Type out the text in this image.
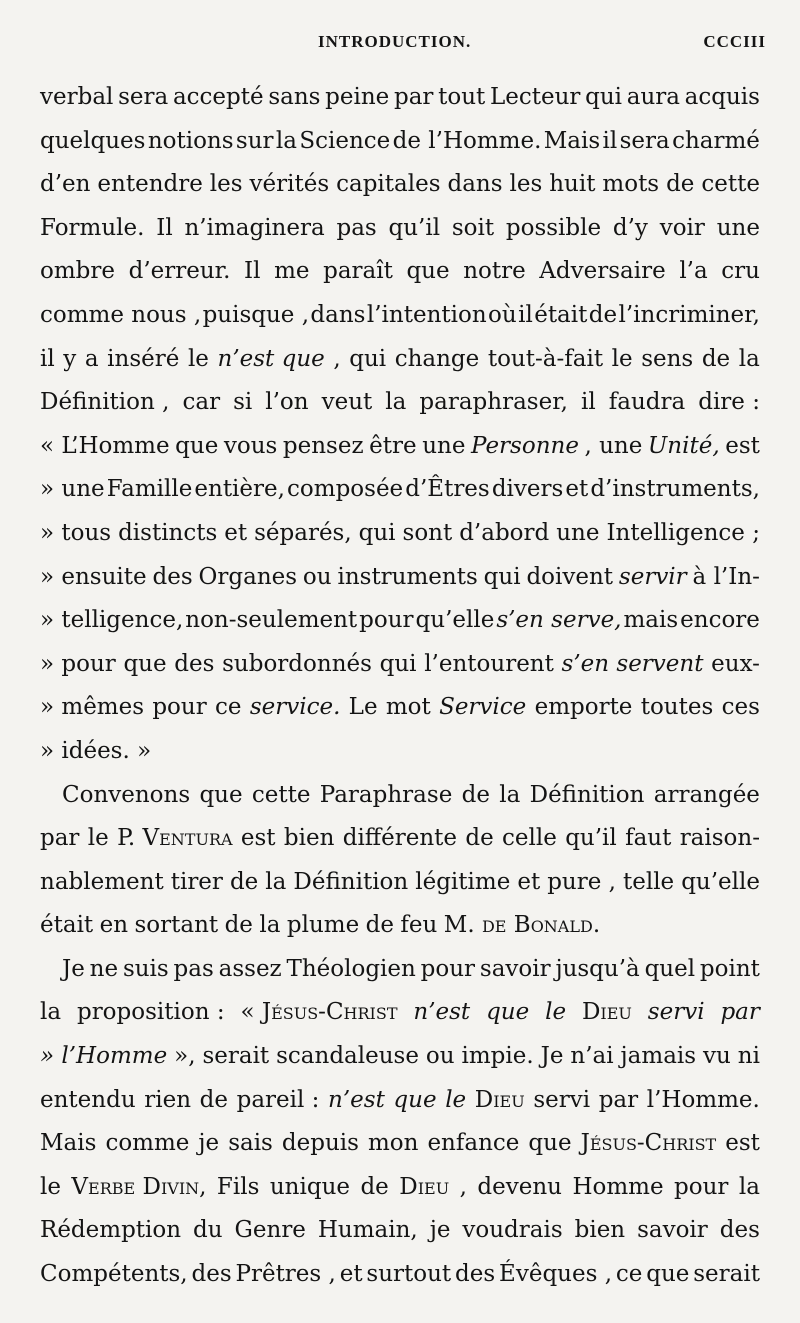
INTRODUCTION.	CCCIII
verbal sera accepté sans peine par tout Lecteur qui aura acquis
quelques notions sur la Science de l’Homme. Mais il sera charmé
d’en entendre les vérités capitales dans les huit mots de cette
Formule. Il n’imaginera pas qu’il soit possible d’y voir une
ombre d’erreur. Il me paraît que notre Adversaire l’a cru
comme nous , puisque , dans l’intention où il était de l’incriminer,
il y a inséré le n’est que , qui change tout-à-fait le sens de la
Définition , car si l’on veut la paraphraser, il faudra dire :
« L’Homme que vous pensez être une Personne , une Unité, est
» une Famille entière, composée d’Êtres divers et d’instruments,
» tous distincts et séparés, qui sont d’abord une Intelligence ;
» ensuite des Organes ou instruments qui doivent servir à l’In-
» telligence, non-seulement pour qu’elle s’en serve, mais encore
» pour que des subordonnés qui l’entourent s’en servent eux-
» mêmes pour ce service. Le mot Service emporte toutes ces
» idées. »
Convenons que cette Paraphrase de la Définition arrangée
par le P. Ventura est bien différente de celle qu’il faut raison-
nablement tirer de la Définition légitime et pure , telle qu’elle
était en sortant de la plume de feu M. de Bonald.
Je ne suis pas assez Théologien pour savoir jusqu’à quel point
la proposition : « Jésus-Christ n’est que le Dieu servi par
» l’Homme », serait scandaleuse ou impie. Je n’ai jamais vu ni
entendu rien de pareil : n’est que le Dieu servi par l’Homme.
Mais comme je sais depuis mon enfance que Jésus-Christ est
le Verbe Divin, Fils unique de Dieu , devenu Homme pour la
Rédemption du Genre Humain, je voudrais bien savoir des
Compétents, des Prêtres , et surtout des Évêques , ce que serait
